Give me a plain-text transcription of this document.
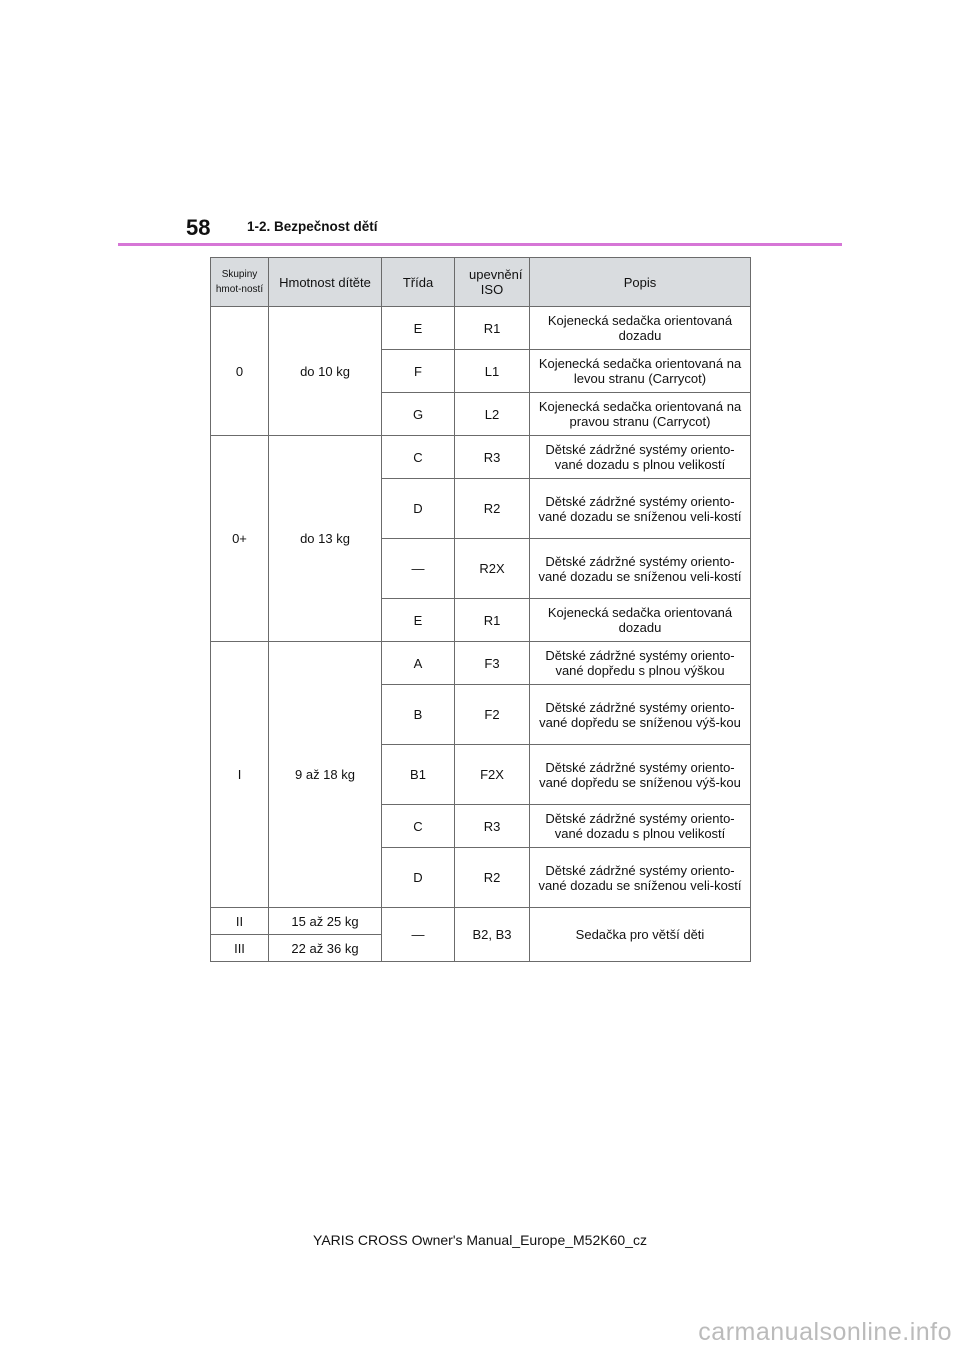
58	1-2. Bezpečnost dětí
Skupiny hmot-ností	Hmotnost dítěte	Třída	upevnění ISO	Popis
0	do 10 kg	E	R1	Kojenecká sedačka orientovaná dozadu
		F	L1	Kojenecká sedačka orientovaná na levou stranu (Carrycot)
		G	L2	Kojenecká sedačka orientovaná na pravou stranu (Carrycot)
0+	do 13 kg	C	R3	Dětské zádržné systémy oriento-vané dozadu s plnou velikostí
		D	R2	Dětské zádržné systémy oriento-vané dozadu se sníženou veli-kostí
		—	R2X	Dětské zádržné systémy oriento-vané dozadu se sníženou veli-kostí
		E	R1	Kojenecká sedačka orientovaná dozadu
I	9 až 18 kg	A	F3	Dětské zádržné systémy oriento-vané dopředu s plnou výškou
		B	F2	Dětské zádržné systémy oriento-vané dopředu se sníženou výš-kou
		B1	F2X	Dětské zádržné systémy oriento-vané dopředu se sníženou výš-kou
		C	R3	Dětské zádržné systémy oriento-vané dozadu s plnou velikostí
		D	R2	Dětské zádržné systémy oriento-vané dozadu se sníženou veli-kostí
II	15 až 25 kg	—	B2, B3	Sedačka pro větší děti
III	22 až 36 kg			
YARIS CROSS Owner's Manual_Europe_M52K60_cz
carmanualsonline.info
